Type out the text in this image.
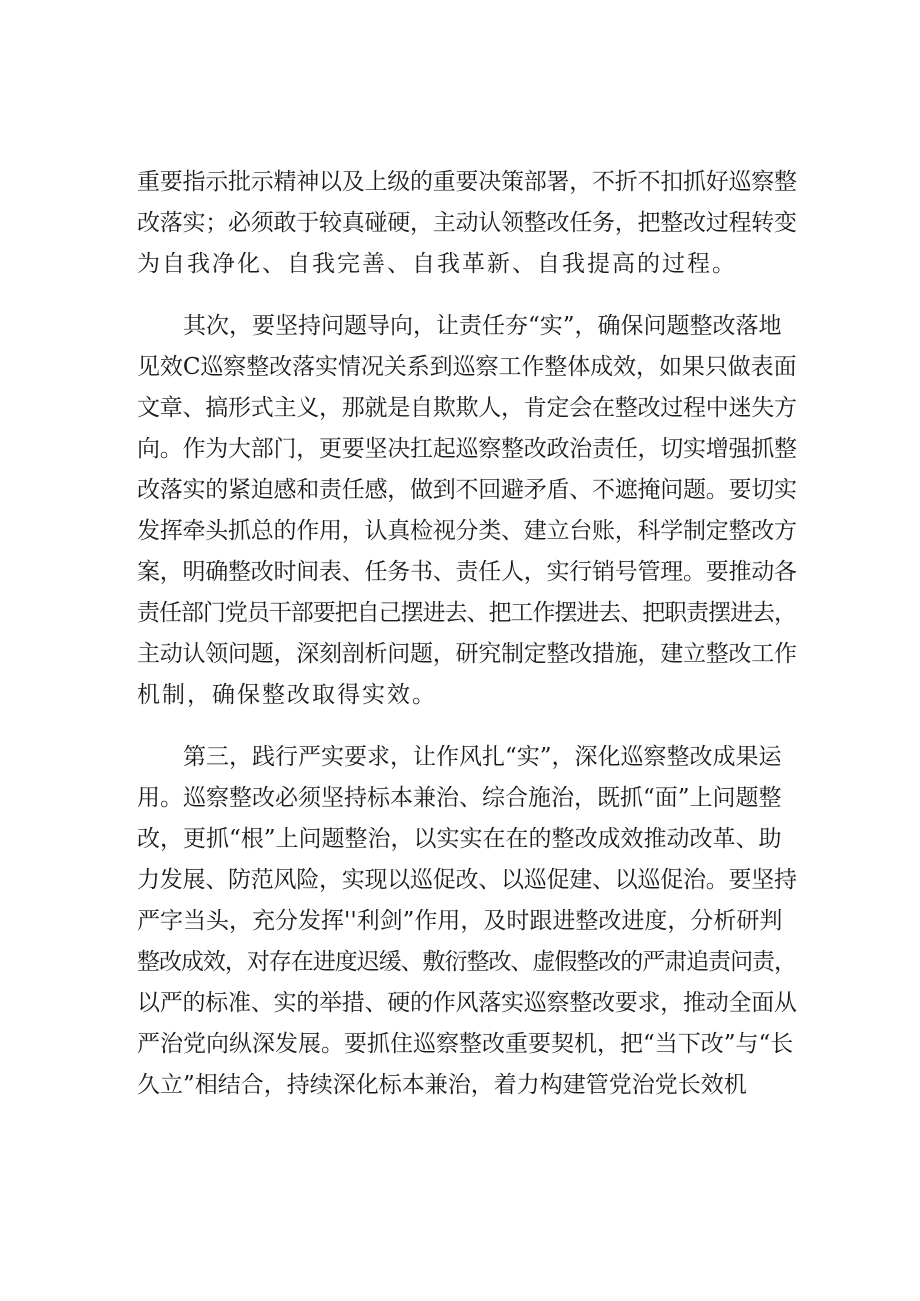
重要指示批示精神以及上级的重要决策部署，不折不扣抓好巡察整
改落实；必须敢于较真碰硬，主动认领整改任务，把整改过程转变
为自我净化、自我完善、自我革新、自我提高的过程。
其次，要坚持问题导向，让责任夯“实”，确保问题整改落地
见效C巡察整改落实情况关系到巡察工作整体成效，如果只做表面
文章、搞形式主义，那就是自欺欺人，肯定会在整改过程中迷失方
向。作为大部门，更要坚决扛起巡察整改政治责任，切实增强抓整
改落实的紧迫感和责任感，做到不回避矛盾、不遮掩问题。要切实
发挥牵头抓总的作用，认真检视分类、建立台账，科学制定整改方
案，明确整改时间表、任务书、责任人，实行销号管理。要推动各
责任部门党员干部要把自己摆进去、把工作摆进去、把职责摆进去，
主动认领问题，深刻剖析问题，研究制定整改措施，建立整改工作
机制，确保整改取得实效。
第三，践行严实要求，让作风扎“实”，深化巡察整改成果运
用。巡察整改必须坚持标本兼治、综合施治，既抓“面”上问题整
改，更抓“根”上问题整治，以实实在在的整改成效推动改革、助
力发展、防范风险，实现以巡促改、以巡促建、以巡促治。要坚持
严字当头，充分发挥''利剑”作用，及时跟进整改进度，分析研判
整改成效，对存在进度迟缓、敷衍整改、虚假整改的严肃追责问责，
以严的标准、实的举措、硬的作风落实巡察整改要求，推动全面从
严治党向纵深发展。要抓住巡察整改重要契机，把“当下改”与“长
久立”相结合，持续深化标本兼治，着力构建管党治党长效机
